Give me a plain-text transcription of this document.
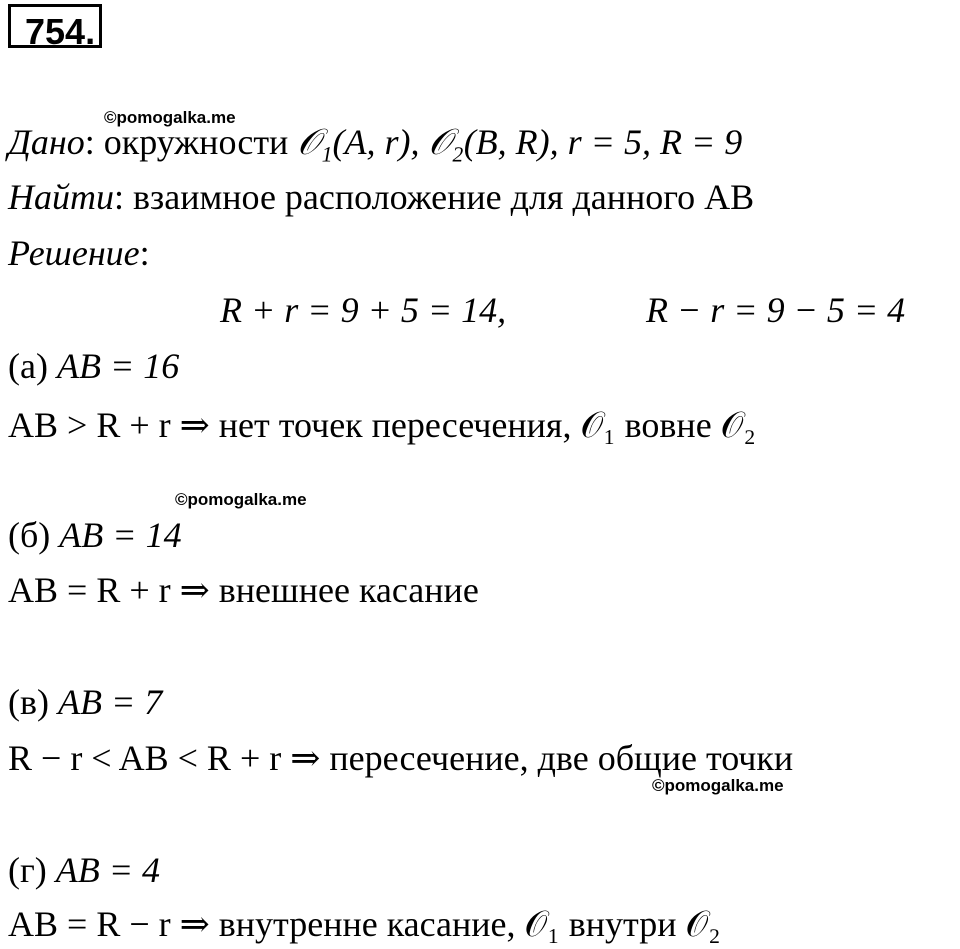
754.
©pomogalka.me
Дано: окружности 𝒪₁(A, r), 𝒪₂(B, R), r = 5, R = 9
Найти: взаимное расположение для данного AB
Решение:
R + r = 9 + 5 = 14,	R − r = 9 − 5 = 4
(а) AB = 16
AB > R + r ⇒ нет точек пересечения, 𝒪₁ вовне 𝒪₂
©pomogalka.me
(б) AB = 14
AB = R + r ⇒ внешнее касание
(в) AB = 7
R − r < AB < R + r ⇒ пересечение, две общие точки
©pomogalka.me
(г) AB = 4
AB = R − r ⇒ внутренне касание, 𝒪₁ внутри 𝒪₂
